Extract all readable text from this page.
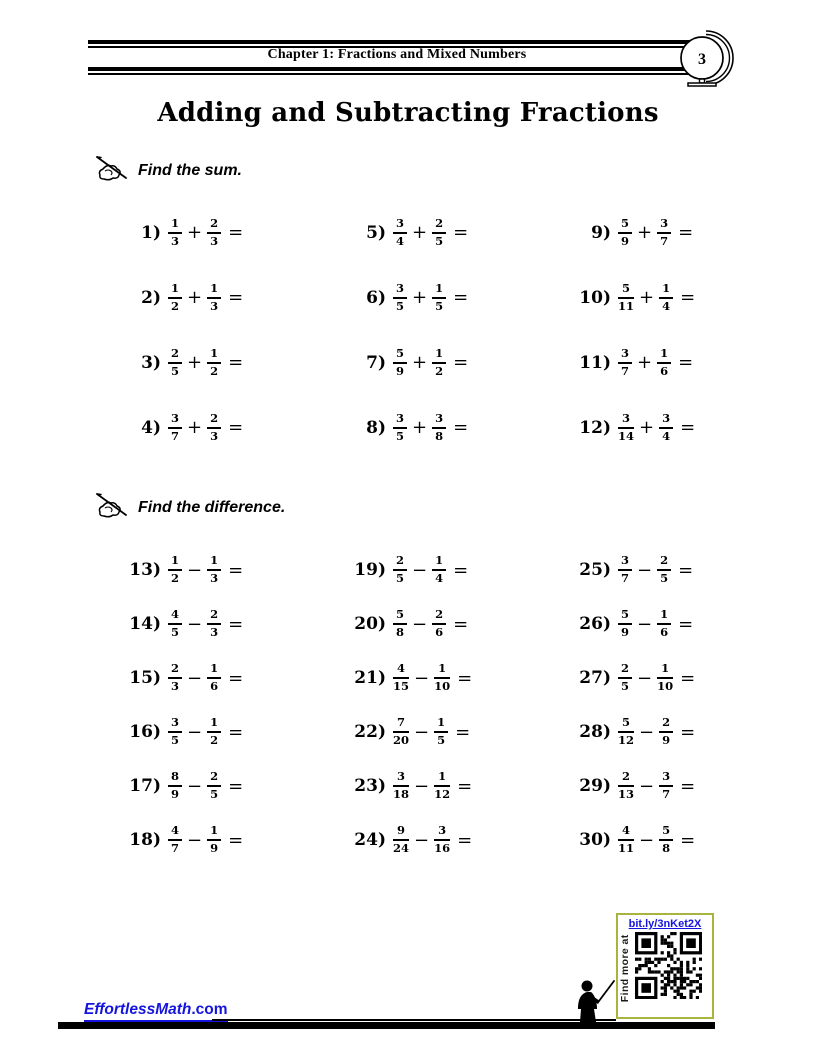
Chapter 1: Fractions and Mixed Numbers	3
Adding and Subtracting Fractions
Find the sum.
$1) \frac{1}{3} + \frac{2}{3}$ =
$2) \frac{1}{2} + \frac{1}{3}$ =
$3) \frac{2}{5} + \frac{1}{2}$ =
$4) \frac{3}{7} + \frac{2}{3}$ =
$5) \frac{3}{4} + \frac{2}{5}$ =
$6) \frac{3}{5} + \frac{1}{5}$ =
$7) \frac{5}{9} + \frac{1}{2}$ =
$8) \frac{3}{5} + \frac{3}{8}$ =
$9) \frac{5}{9} + \frac{3}{7}$ =
$10) \frac{5}{11} + \frac{1}{4}$ =
$11) \frac{3}{7} + \frac{1}{6}$ =
$12) \frac{3}{14} + \frac{3}{4}$ =
Find the difference.
$13) \frac{1}{2} - \frac{1}{3}$ =
$14) \frac{4}{5} - \frac{2}{3}$ =
$15) \frac{2}{3} - \frac{1}{6}$ =
$16) \frac{3}{5} - \frac{1}{2}$ =
$17) \frac{8}{9} - \frac{2}{5}$ =
$18) \frac{4}{7} - \frac{1}{9}$ =
$19) \frac{2}{5} - \frac{1}{4}$ =
$20) \frac{5}{8} - \frac{2}{6}$ =
$21) \frac{4}{15} - \frac{1}{10}$ =
$22) \frac{7}{20} - \frac{1}{5}$ =
$23) \frac{3}{18} - \frac{1}{12}$ =
$24) \frac{9}{24} - \frac{3}{16}$ =
$25) \frac{3}{7} - \frac{2}{5}$ =
$26) \frac{5}{9} - \frac{1}{6}$ =
$27) \frac{2}{5} - \frac{1}{10}$ =
$28) \frac{5}{12} - \frac{2}{9}$ =
$29) \frac{2}{13} - \frac{3}{7}$ =
$30) \frac{4}{11} - \frac{5}{8}$ =
EffortlessMath.com
bit.ly/3nKet2X
Find more at
